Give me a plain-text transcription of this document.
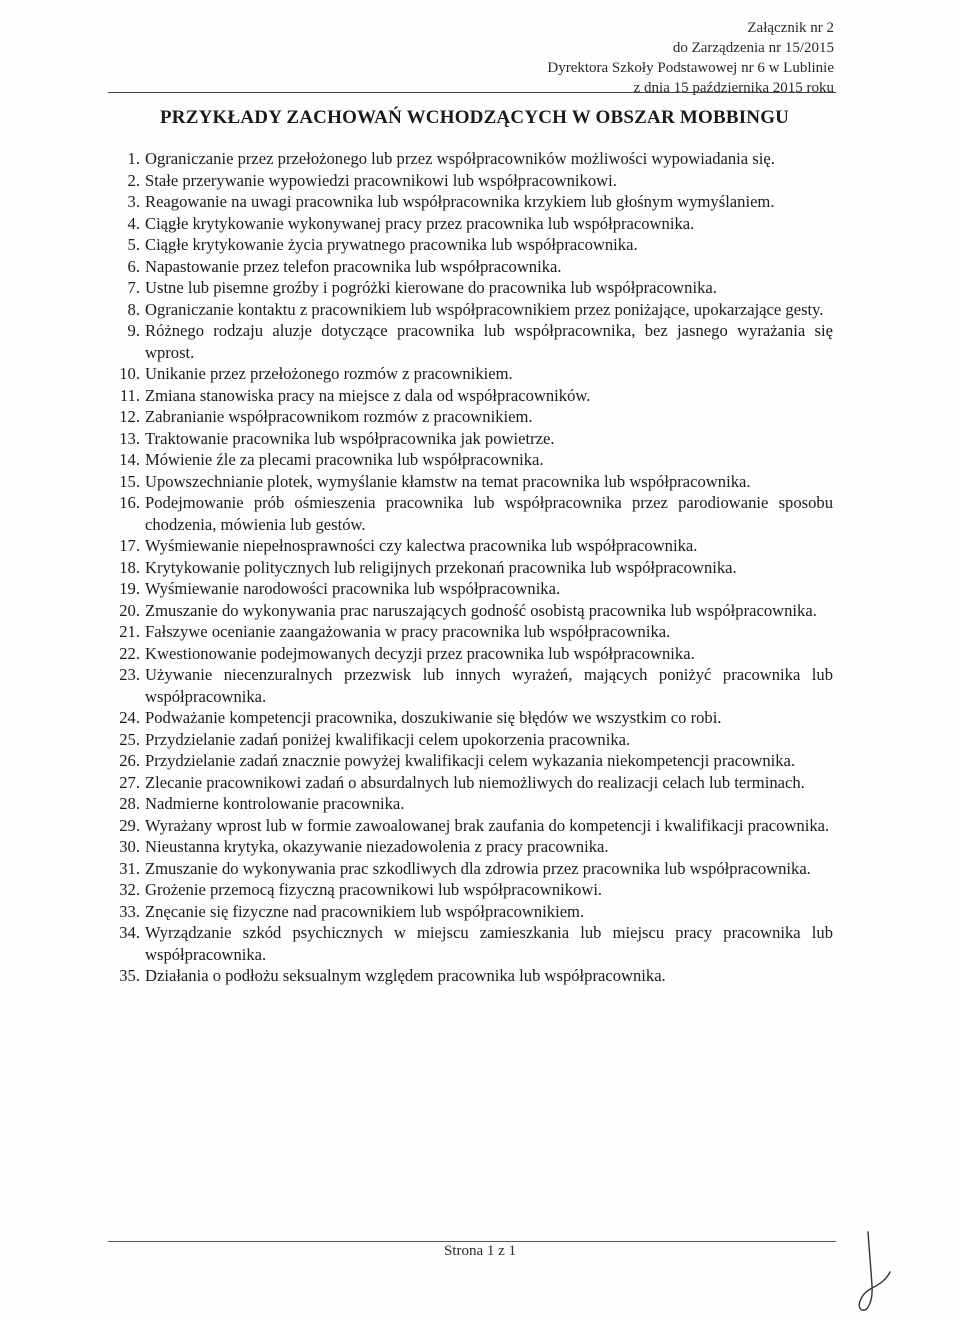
Załącznik nr 2
do Zarządzenia nr 15/2015
Dyrektora Szkoły Podstawowej nr 6 w Lublinie
z dnia 15 października 2015 roku
PRZYKŁADY ZACHOWAŃ WCHODZĄCYCH W OBSZAR MOBBINGU
1. Ograniczanie przez przełożonego lub przez współpracowników możliwości wypowiadania się.
2. Stałe przerywanie wypowiedzi pracownikowi lub współpracownikowi.
3. Reagowanie na uwagi pracownika lub współpracownika krzykiem lub głośnym wymyślaniem.
4. Ciągłe krytykowanie wykonywanej pracy przez pracownika lub współpracownika.
5. Ciągłe krytykowanie życia prywatnego pracownika lub współpracownika.
6. Napastowanie przez telefon pracownika lub współpracownika.
7. Ustne lub pisemne groźby i pogróżki kierowane do pracownika lub współpracownika.
8. Ograniczanie kontaktu z pracownikiem lub współpracownikiem przez poniżające, upokarzające gesty.
9. Różnego rodzaju aluzje dotyczące pracownika lub współpracownika, bez jasnego wyrażania się wprost.
10. Unikanie przez przełożonego rozmów z pracownikiem.
11. Zmiana stanowiska pracy na miejsce z dala od współpracowników.
12. Zabranianie współpracownikom rozmów z pracownikiem.
13. Traktowanie pracownika lub współpracownika jak powietrze.
14. Mówienie źle za plecami pracownika lub współpracownika.
15. Upowszechnianie plotek, wymyślanie kłamstw na temat pracownika lub współpracownika.
16. Podejmowanie prób ośmieszenia pracownika lub współpracownika przez parodiowanie sposobu chodzenia, mówienia lub gestów.
17. Wyśmiewanie niepełnosprawności czy kalectwa pracownika lub współpracownika.
18. Krytykowanie politycznych lub religijnych przekonań pracownika lub współpracownika.
19. Wyśmiewanie narodowości pracownika lub współpracownika.
20. Zmuszanie do wykonywania prac naruszających godność osobistą pracownika lub współpracownika.
21. Fałszywe ocenianie zaangażowania w pracy pracownika lub współpracownika.
22. Kwestionowanie podejmowanych decyzji przez pracownika lub współpracownika.
23. Używanie niecenzuralnych przezwisk lub innych wyrażeń, mających poniżyć pracownika lub współpracownika.
24. Podważanie kompetencji pracownika, doszukiwanie się błędów we wszystkim co robi.
25. Przydzielanie zadań poniżej kwalifikacji celem upokorzenia pracownika.
26. Przydzielanie zadań znacznie powyżej kwalifikacji celem wykazania niekompetencji pracownika.
27. Zlecanie pracownikowi zadań o absurdalnych lub niemożliwych do realizacji celach lub terminach.
28. Nadmierne kontrolowanie pracownika.
29. Wyrażany wprost lub w formie zawoalowanej brak zaufania do kompetencji i kwalifikacji pracownika.
30. Nieustanna krytyka, okazywanie niezadowolenia z pracy pracownika.
31. Zmuszanie do wykonywania prac szkodliwych dla zdrowia przez pracownika lub współpracownika.
32. Grożenie przemocą fizyczną pracownikowi lub współpracownikowi.
33. Znęcanie się fizyczne nad pracownikiem lub współpracownikiem.
34. Wyrządzanie szkód psychicznych w miejscu zamieszkania lub miejscu pracy pracownika lub współpracownika.
35. Działania o podłożu seksualnym względem pracownika lub współpracownika.
Strona 1 z 1
